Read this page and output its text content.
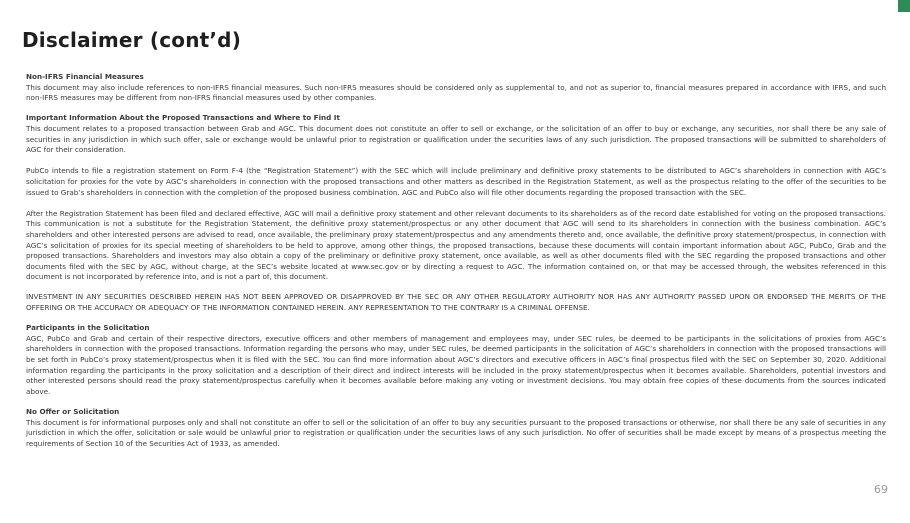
Disclaimer (cont’d)

Non-IFRS Financial Measures

This document may also include references to non-IFRS financial measures. Such non-IFRS measures should be considered only as supplemental to, and not as superior to, financial measures prepared in accordance with IFRS, and such non-IFRS measures may be different from non-IFRS financial measures used by other companies.

Important Information About the Proposed Transactions and Where to Find It

This document relates to a proposed transaction between Grab and AGC. This document does not constitute an offer to sell or exchange, or the solicitation of an offer to buy or exchange, any securities, nor shall there be any sale of securities in any jurisdiction in which such offer, sale or exchange would be unlawful prior to registration or qualification under the securities laws of any such jurisdiction. The proposed transactions will be submitted to shareholders of AGC for their consideration.

PubCo intends to file a registration statement on Form F-4 (the “Registration Statement”) with the SEC which will include preliminary and definitive proxy statements to be distributed to AGC’s shareholders in connection with AGC’s solicitation for proxies for the vote by AGC’s shareholders in connection with the proposed transactions and other matters as described in the Registration Statement, as well as the prospectus relating to the offer of the securities to be issued to Grab’s shareholders in connection with the completion of the proposed business combination. AGC and PubCo also will file other documents regarding the proposed transaction with the SEC.

After the Registration Statement has been filed and declared effective, AGC will mail a definitive proxy statement and other relevant documents to its shareholders as of the record date established for voting on the proposed transactions. This communication is not a substitute for the Registration Statement, the definitive proxy statement/prospectus or any other document that AGC will send to its shareholders in connection with the business combination. AGC’s shareholders and other interested persons are advised to read, once available, the preliminary proxy statement/prospectus and any amendments thereto and, once available, the definitive proxy statement/prospectus, in connection with AGC’s solicitation of proxies for its special meeting of shareholders to be held to approve, among other things, the proposed transactions, because these documents will contain important information about AGC, PubCo, Grab and the proposed transactions. Shareholders and investors may also obtain a copy of the preliminary or definitive proxy statement, once available, as well as other documents filed with the SEC regarding the proposed transactions and other documents filed with the SEC by AGC, without charge, at the SEC’s website located at www.sec.gov or by directing a request to AGC. The information contained on, or that may be accessed through, the websites referenced in this document is not incorporated by reference into, and is not a part of, this document.

INVESTMENT IN ANY SECURITIES DESCRIBED HEREIN HAS NOT BEEN APPROVED OR DISAPPROVED BY THE SEC OR ANY OTHER REGULATORY AUTHORITY NOR HAS ANY AUTHORITY PASSED UPON OR ENDORSED THE MERITS OF THE OFFERING OR THE ACCURACY OR ADEQUACY OF THE INFORMATION CONTAINED HEREIN. ANY REPRESENTATION TO THE CONTRARY IS A CRIMINAL OFFENSE.

Participants in the Solicitation

AGC, PubCo and Grab and certain of their respective directors, executive officers and other members of management and employees may, under SEC rules, be deemed to be participants in the solicitations of proxies from AGC’s shareholders in connection with the proposed transactions. Information regarding the persons who may, under SEC rules, be deemed participants in the solicitation of AGC’s shareholders in connection with the proposed transactions will be set forth in PubCo’s proxy statement/prospectus when it is filed with the SEC. You can find more information about AGC’s directors and executive officers in AGC’s final prospectus filed with the SEC on September 30, 2020. Additional information regarding the participants in the proxy solicitation and a description of their direct and indirect interests will be included in the proxy statement/prospectus when it becomes available. Shareholders, potential investors and other interested persons should read the proxy statement/prospectus carefully when it becomes available before making any voting or investment decisions. You may obtain free copies of these documents from the sources indicated above.

No Offer or Solicitation

This document is for informational purposes only and shall not constitute an offer to sell or the solicitation of an offer to buy any securities pursuant to the proposed transactions or otherwise, nor shall there be any sale of securities in any jurisdiction in which the offer, solicitation or sale would be unlawful prior to registration or qualification under the securities laws of any such jurisdiction. No offer of securities shall be made except by means of a prospectus meeting the requirements of Section 10 of the Securities Act of 1933, as amended.

69
